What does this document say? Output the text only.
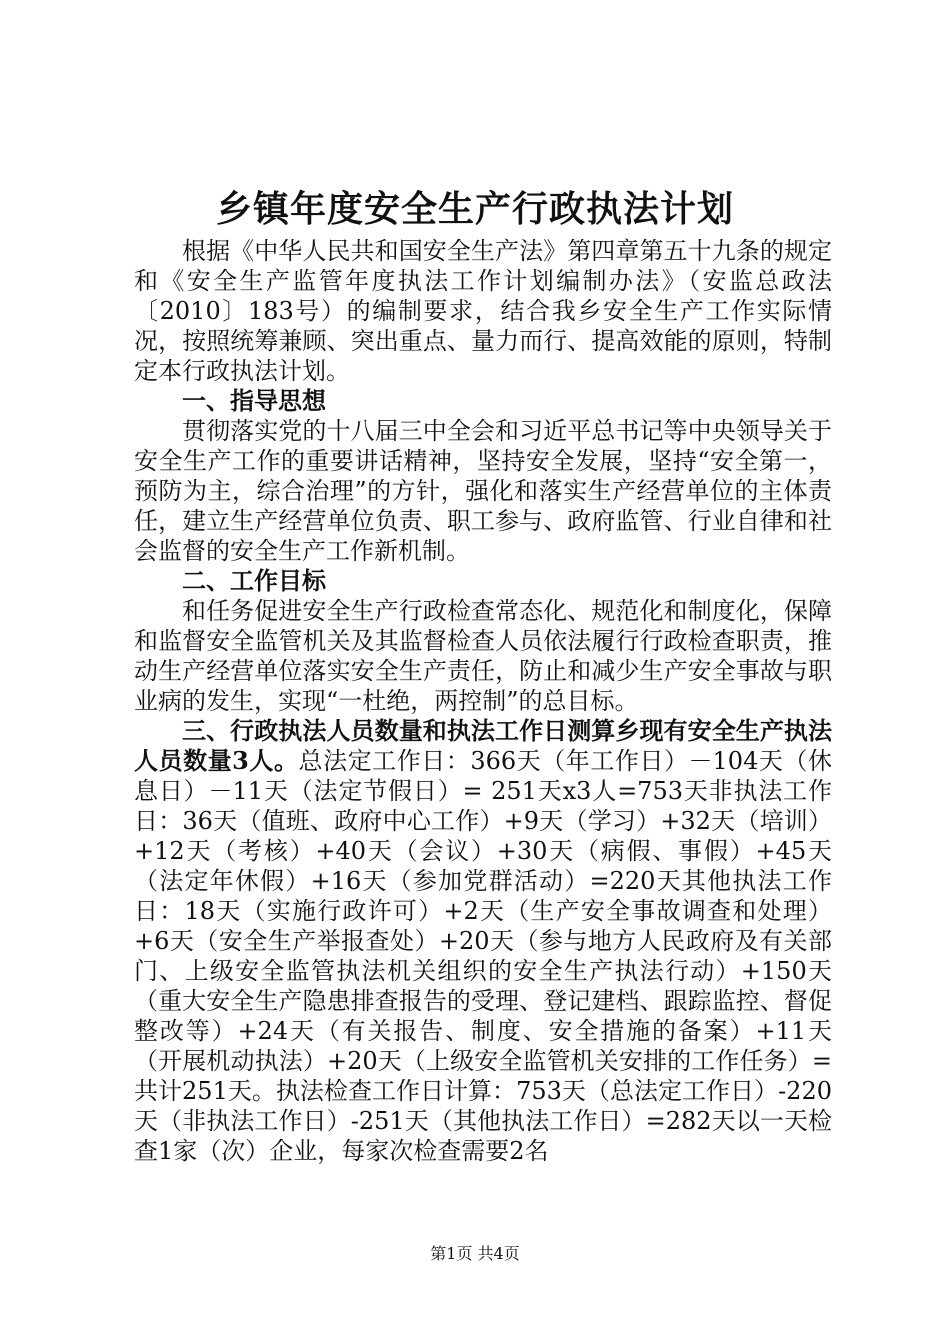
乡镇年度安全生产行政执法计划

根据《中华人民共和国安全生产法》第四章第五十九条的规定和《安全生产监管年度执法工作计划编制办法》（安监总政法〔2010〕183号）的编制要求，结合我乡安全生产工作实际情况，按照统筹兼顾、突出重点、量力而行、提高效能的原则，特制定本行政执法计划。

一、指导思想

贯彻落实党的十八届三中全会和习近平总书记等中央领导关于安全生产工作的重要讲话精神，坚持安全发展，坚持“安全第一，预防为主，综合治理”的方针，强化和落实生产经营单位的主体责任，建立生产经营单位负责、职工参与、政府监管、行业自律和社会监督的安全生产工作新机制。

二、工作目标

和任务促进安全生产行政检查常态化、规范化和制度化，保障和监督安全监管机关及其监督检查人员依法履行行政检查职责，推动生产经营单位落实安全生产责任，防止和减少生产安全事故与职业病的发生，实现“一杜绝，两控制”的总目标。

三、行政执法人员数量和执法工作日测算乡现有安全生产执法人员数量3人。总法定工作日：366天（年工作日）－104天（休息日）－11天（法定节假日）= 251天x3人=753天非执法工作日：36天（值班、政府中心工作）+9天（学习）+32天（培训）+12天（考核）+40天（会议）+30天（病假、事假）+45天（法定年休假）+16天（参加党群活动）=220天其他执法工作日：18天（实施行政许可）+2天（生产安全事故调查和处理）+6天（安全生产举报查处）+20天（参与地方人民政府及有关部门、上级安全监管执法机关组织的安全生产执法行动）+150天（重大安全生产隐患排查报告的受理、登记建档、跟踪监控、督促整改等）+24天（有关报告、制度、安全措施的备案）+11天（开展机动执法）+20天（上级安全监管机关安排的工作任务）=共计251天。执法检查工作日计算：753天（总法定工作日）-220天（非执法工作日）-251天（其他执法工作日）=282天以一天检查1家（次）企业，每家次检查需要2名

第1页 共4页
